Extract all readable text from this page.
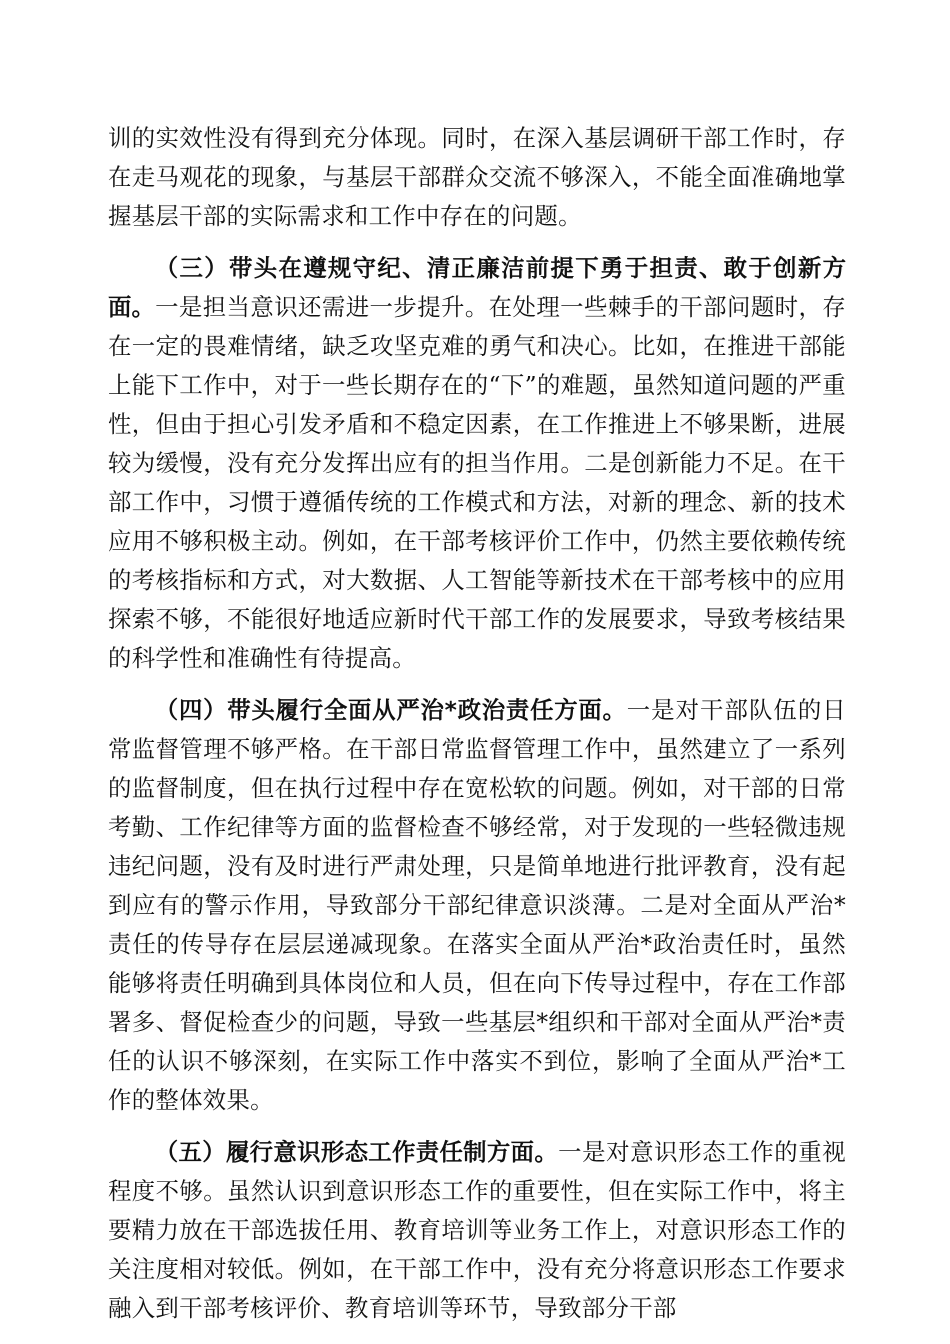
训的实效性没有得到充分体现。同时，在深入基层调研干部工作时，存在走马观花的现象，与基层干部群众交流不够深入，不能全面准确地掌握基层干部的实际需求和工作中存在的问题。

（三）带头在遵规守纪、清正廉洁前提下勇于担责、敢于创新方面。一是担当意识还需进一步提升。在处理一些棘手的干部问题时，存在一定的畏难情绪，缺乏攻坚克难的勇气和决心。比如，在推进干部能上能下工作中，对于一些长期存在的“下”的难题，虽然知道问题的严重性，但由于担心引发矛盾和不稳定因素，在工作推进上不够果断，进展较为缓慢，没有充分发挥出应有的担当作用。二是创新能力不足。在干部工作中，习惯于遵循传统的工作模式和方法，对新的理念、新的技术应用不够积极主动。例如，在干部考核评价工作中，仍然主要依赖传统的考核指标和方式，对大数据、人工智能等新技术在干部考核中的应用探索不够，不能很好地适应新时代干部工作的发展要求，导致考核结果的科学性和准确性有待提高。

（四）带头履行全面从严治*政治责任方面。一是对干部队伍的日常监督管理不够严格。在干部日常监督管理工作中，虽然建立了一系列的监督制度，但在执行过程中存在宽松软的问题。例如，对干部的日常考勤、工作纪律等方面的监督检查不够经常，对于发现的一些轻微违规违纪问题，没有及时进行严肃处理，只是简单地进行批评教育，没有起到应有的警示作用，导致部分干部纪律意识淡薄。二是对全面从严治*责任的传导存在层层递减现象。在落实全面从严治*政治责任时，虽然能够将责任明确到具体岗位和人员，但在向下传导过程中，存在工作部署多、督促检查少的问题，导致一些基层*组织和干部对全面从严治*责任的认识不够深刻，在实际工作中落实不到位，影响了全面从严治*工作的整体效果。

（五）履行意识形态工作责任制方面。一是对意识形态工作的重视程度不够。虽然认识到意识形态工作的重要性，但在实际工作中，将主要精力放在干部选拔任用、教育培训等业务工作上，对意识形态工作的关注度相对较低。例如，在干部工作中，没有充分将意识形态工作要求融入到干部考核评价、教育培训等环节，导致部分干部
